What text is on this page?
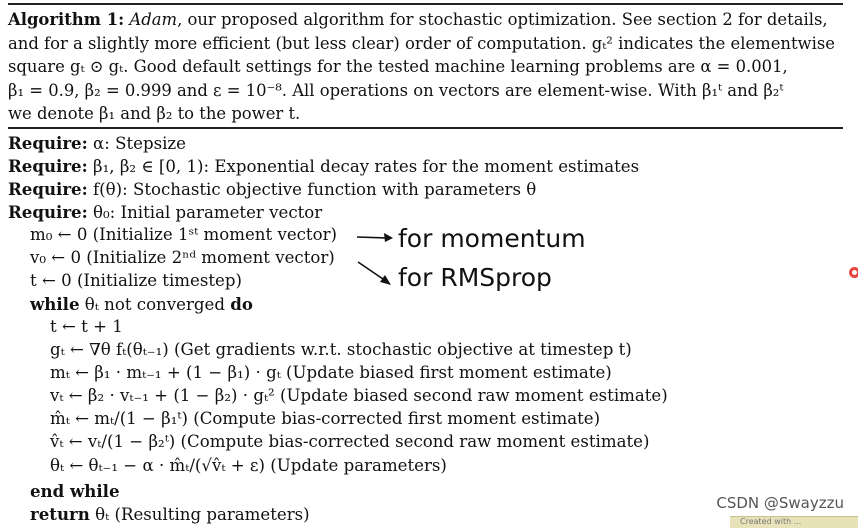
Algorithm 1: Adam, our proposed algorithm for stochastic optimization. See section 2 for details,
and for a slightly more efficient (but less clear) order of computation. gₜ² indicates the elementwise
square gₜ ⊙ gₜ. Good default settings for the tested machine learning problems are α = 0.001,
β₁ = 0.9, β₂ = 0.999 and ε = 10⁻⁸. All operations on vectors are element-wise. With β₁ᵗ and β₂ᵗ
we denote β₁ and β₂ to the power t.
Require: α: Stepsize
Require: β₁, β₂ ∈ [0, 1): Exponential decay rates for the moment estimates
Require: f(θ): Stochastic objective function with parameters θ
Require: θ₀: Initial parameter vector
m₀ ← 0 (Initialize 1ˢᵗ moment vector)
v₀ ← 0 (Initialize 2ⁿᵈ moment vector)
t ← 0 (Initialize timestep)
while θₜ not converged do
t ← t + 1
gₜ ← ∇θ fₜ(θₜ₋₁) (Get gradients w.r.t. stochastic objective at timestep t)
mₜ ← β₁ · mₜ₋₁ + (1 − β₁) · gₜ (Update biased first moment estimate)
vₜ ← β₂ · vₜ₋₁ + (1 − β₂) · gₜ² (Update biased second raw moment estimate)
m̂ₜ ← mₜ/(1 − β₁ᵗ) (Compute bias-corrected first moment estimate)
v̂ₜ ← vₜ/(1 − β₂ᵗ) (Compute bias-corrected second raw moment estimate)
θₜ ← θₜ₋₁ − α · m̂ₜ/(√v̂ₜ + ε) (Update parameters)
end while
return θₜ (Resulting parameters)
for momentum
for RMSprop
CSDN @Swayzzu
Created with ...
